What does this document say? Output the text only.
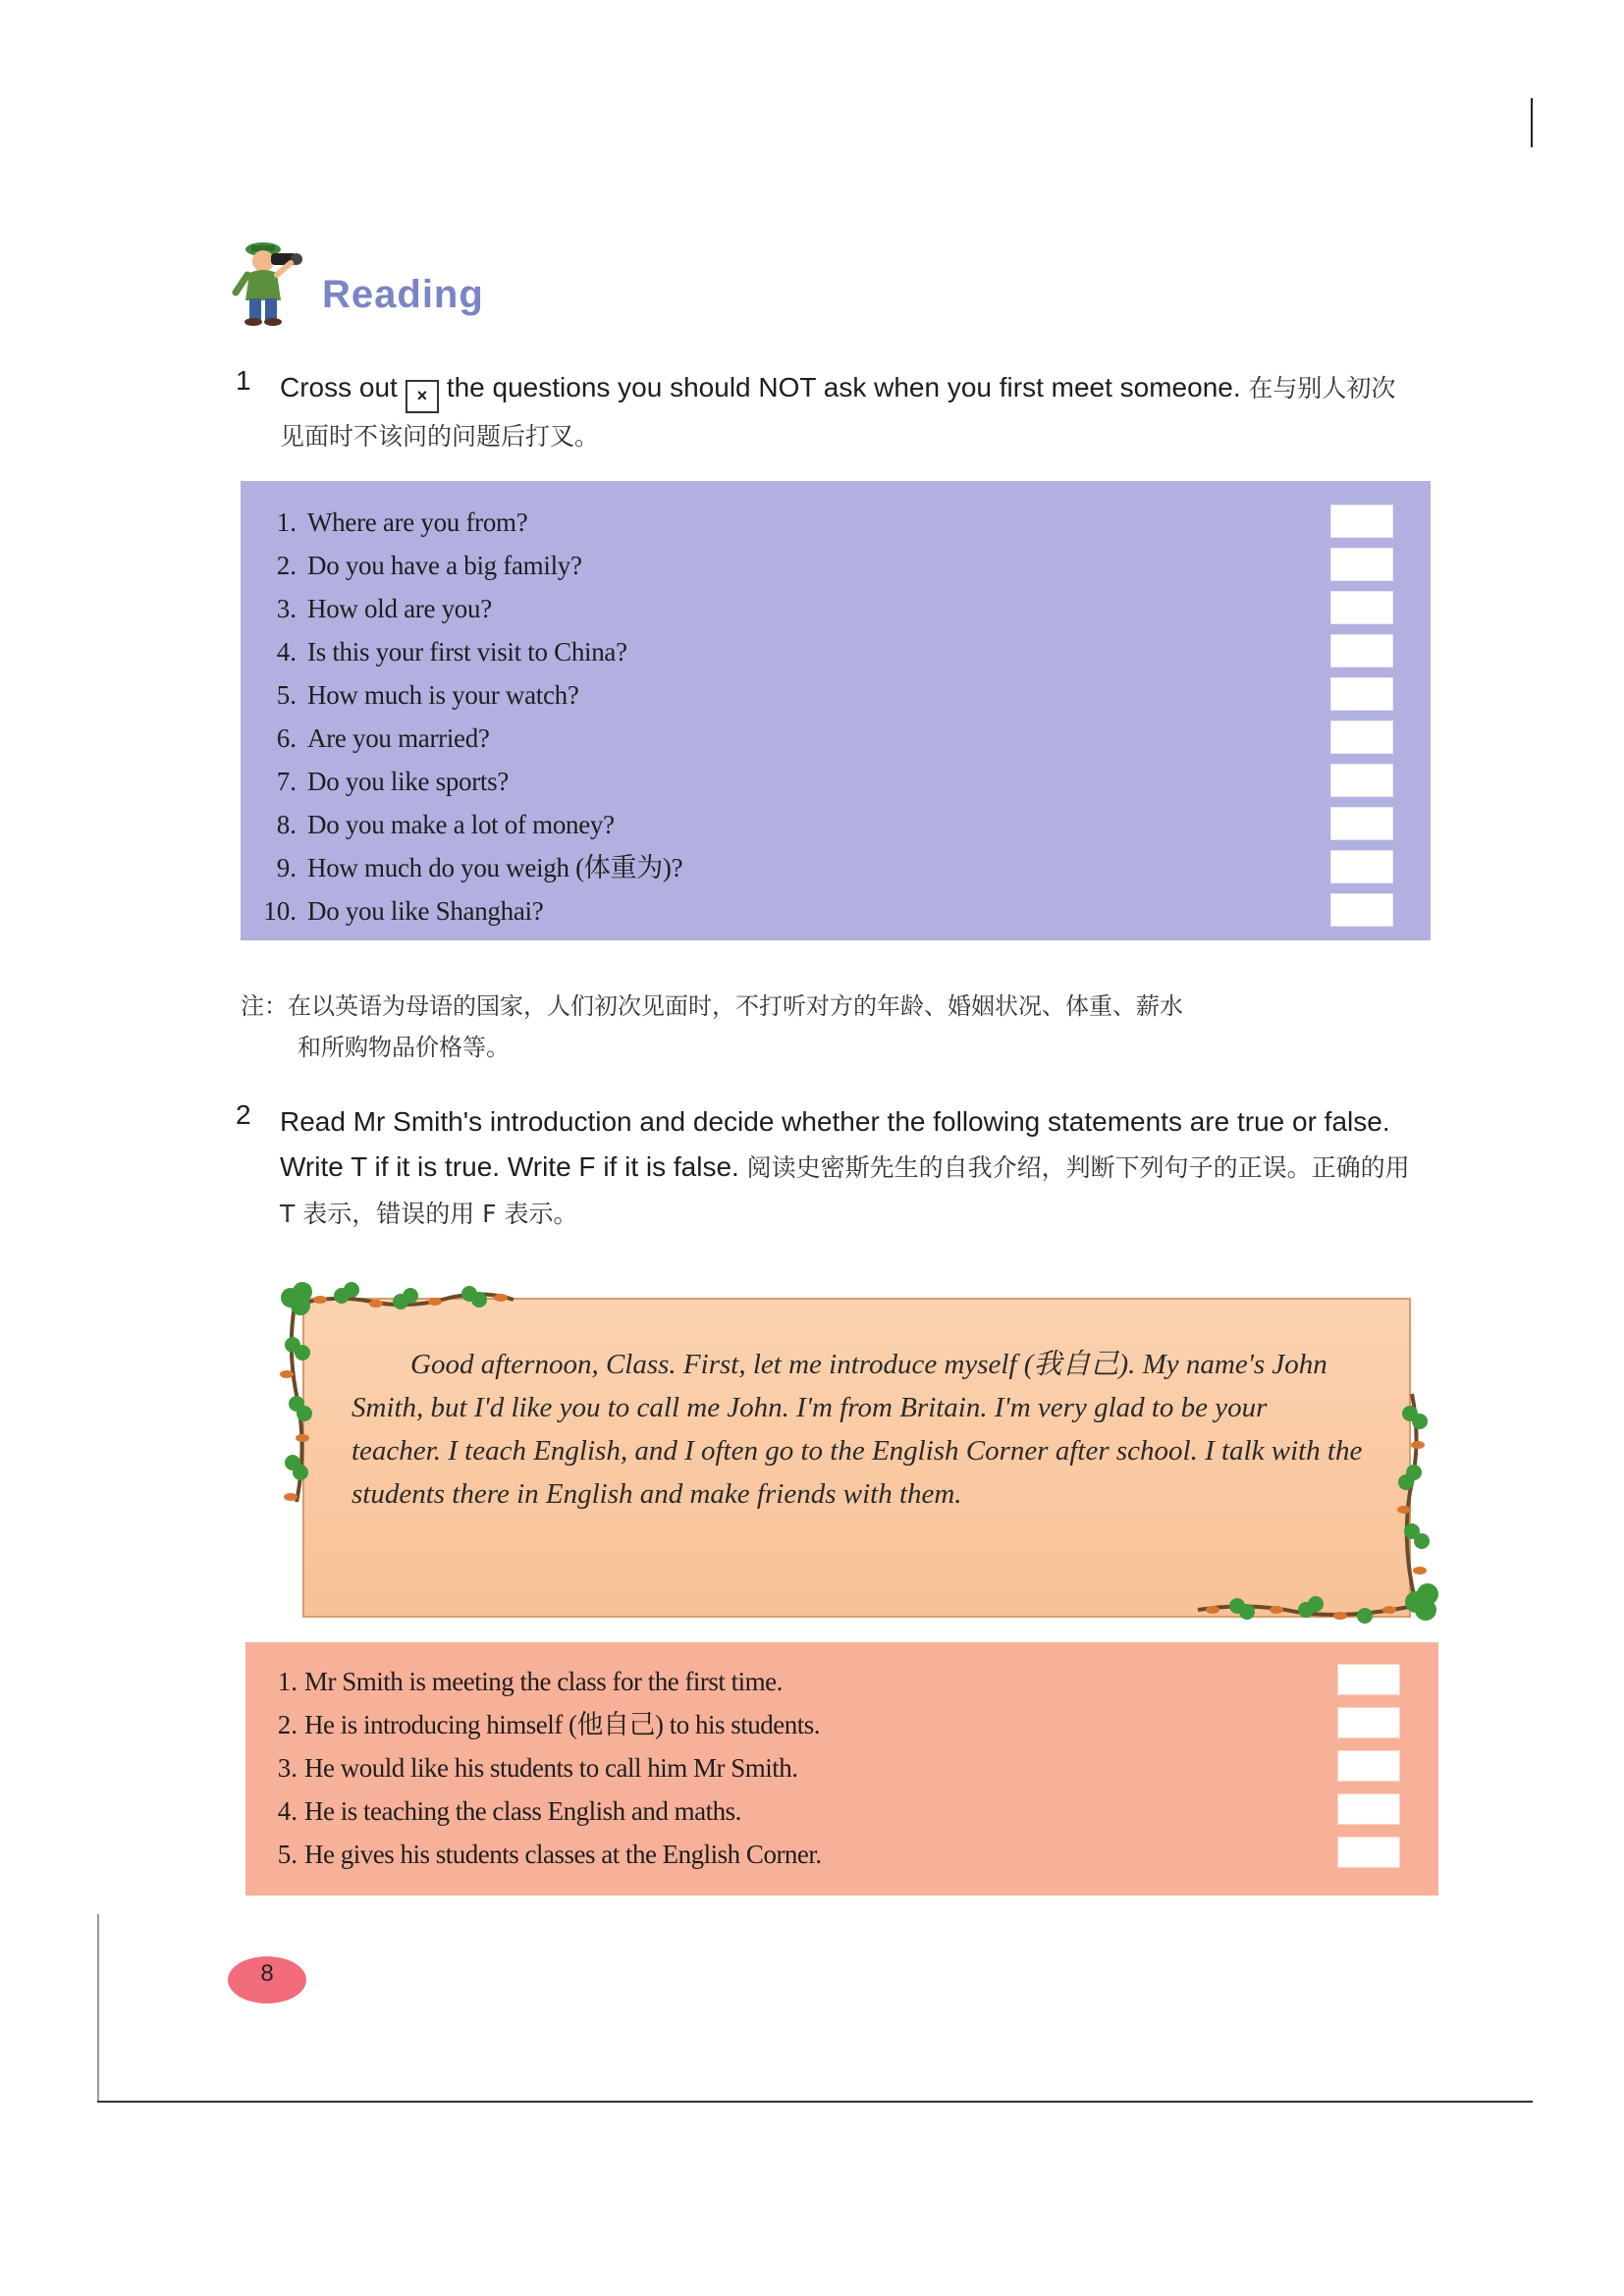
Reading
1 Cross out × the questions you should NOT ask when you first meet someone. 在与别人初次见面时不该问的问题后打叉。
1. Where are you from?
2. Do you have a big family?
3. How old are you?
4. Is this your first visit to China?
5. How much is your watch?
6. Are you married?
7. Do you like sports?
8. Do you make a lot of money?
9. How much do you weigh (体重为)?
10. Do you like Shanghai?
注：在以英语为母语的国家，人们初次见面时，不打听对方的年龄、婚姻状况、体重、薪水
和所购物品价格等。
2 Read Mr Smith's introduction and decide whether the following statements are true or false. Write T if it is true. Write F if it is false. 阅读史密斯先生的自我介绍，判断下列句子的正误。正确的用 T 表示，错误的用 F 表示。
Good afternoon, Class. First, let me introduce myself (我自己). My name's John Smith, but I'd like you to call me John. I'm from Britain. I'm very glad to be your teacher. I teach English, and I often go to the English Corner after school. I talk with the students there in English and make friends with them.
1. Mr Smith is meeting the class for the first time.
2. He is introducing himself (他自己) to his students.
3. He would like his students to call him Mr Smith.
4. He is teaching the class English and maths.
5. He gives his students classes at the English Corner.
8
